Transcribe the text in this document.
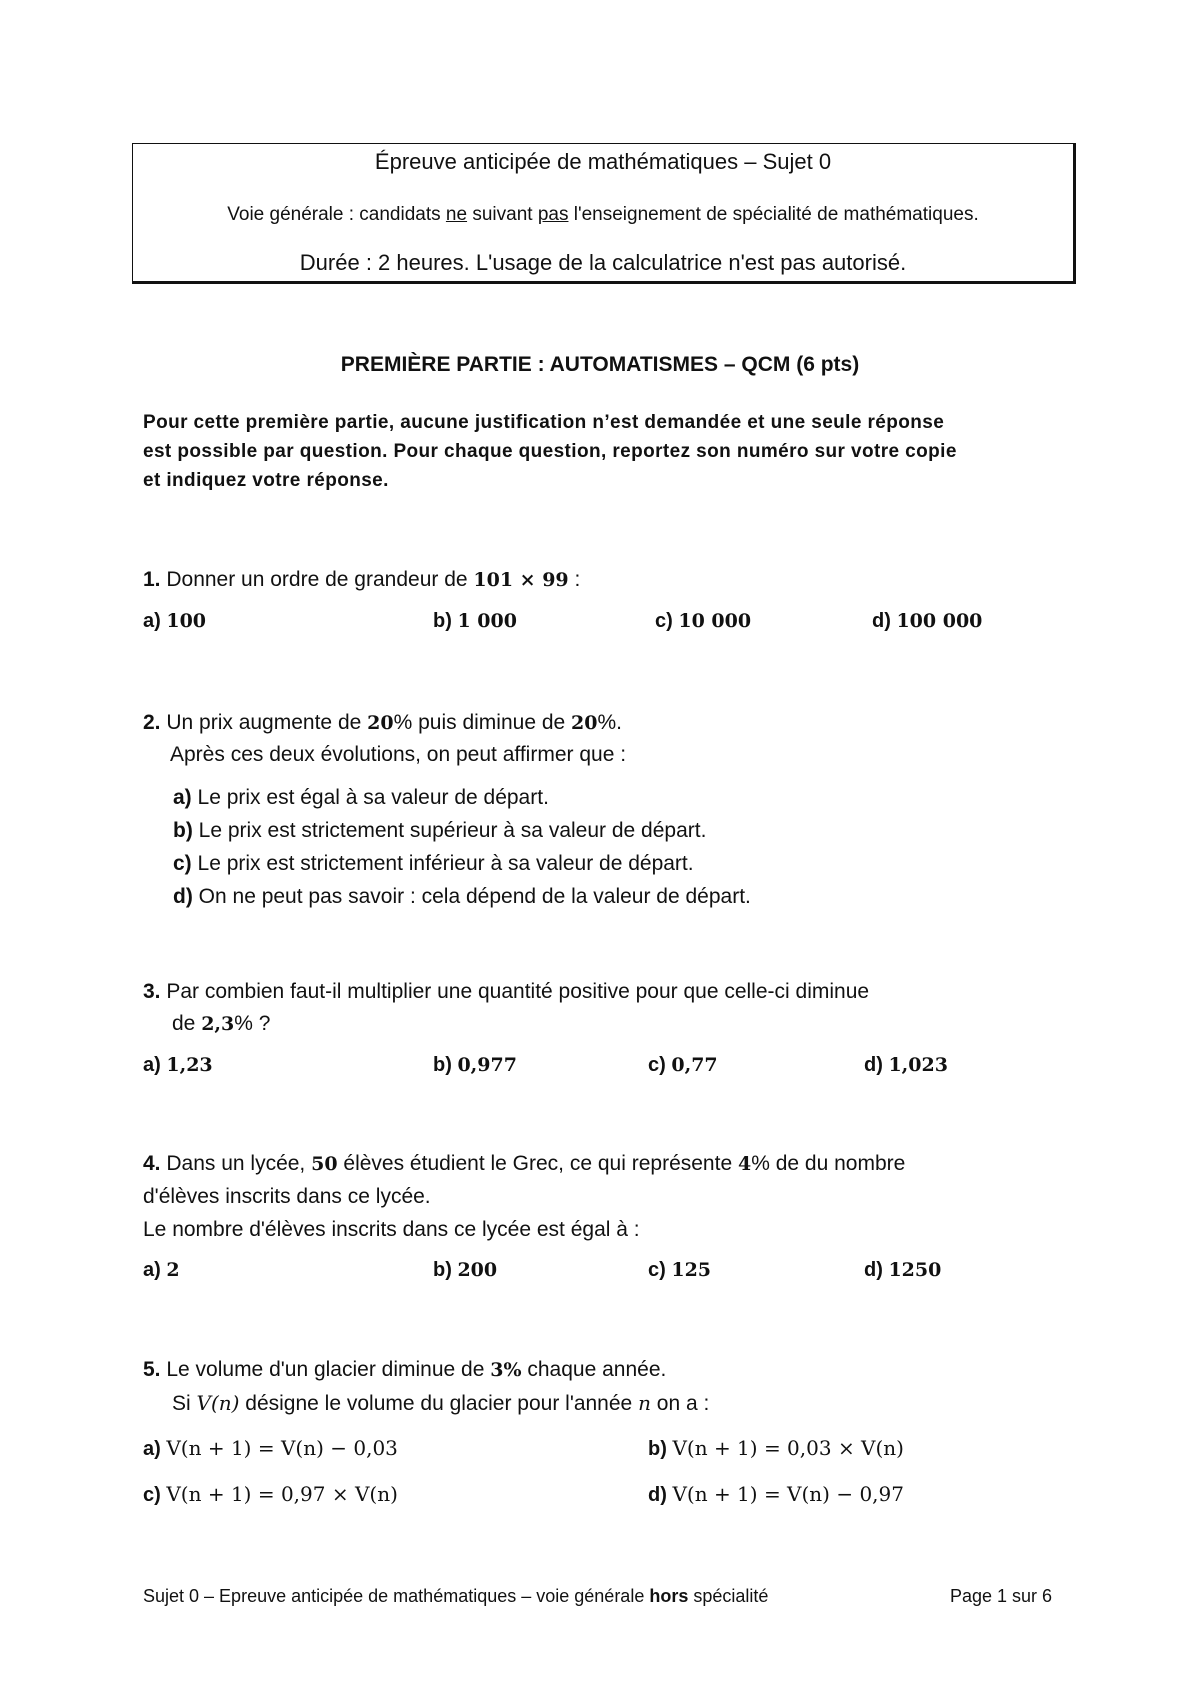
Épreuve anticipée de mathématiques – Sujet 0
Voie générale : candidats ne suivant pas l'enseignement de spécialité de mathématiques.
Durée : 2 heures. L'usage de la calculatrice n'est pas autorisé.
PREMIÈRE PARTIE : AUTOMATISMES – QCM (6 pts)
Pour cette première partie, aucune justification n’est demandée et une seule réponse
est possible par question. Pour chaque question, reportez son numéro sur votre copie
et indiquez votre réponse.
1. Donner un ordre de grandeur de 101 × 99 :
a) 100	b) 1 000	c) 10 000	d) 100 000
2. Un prix augmente de 20% puis diminue de 20%.
Après ces deux évolutions, on peut affirmer que :
a) Le prix est égal à sa valeur de départ.
b) Le prix est strictement supérieur à sa valeur de départ.
c) Le prix est strictement inférieur à sa valeur de départ.
d) On ne peut pas savoir : cela dépend de la valeur de départ.
3. Par combien faut-il multiplier une quantité positive pour que celle-ci diminue
de 2,3% ?
a) 1,23	b) 0,977	c) 0,77	d) 1,023
4. Dans un lycée, 50 élèves étudient le Grec, ce qui représente 4% de du nombre
d'élèves inscrits dans ce lycée.
Le nombre d'élèves inscrits dans ce lycée est égal à :
a) 2	b) 200	c) 125	d) 1250
5. Le volume d'un glacier diminue de 3% chaque année.
Si V(n) désigne le volume du glacier pour l'année n on a :
a) V(n + 1) = V(n) − 0,03	b) V(n + 1) = 0,03 × V(n)
c) V(n + 1) = 0,97 × V(n)	d) V(n + 1) = V(n) − 0,97
Sujet 0 – Epreuve anticipée de mathématiques – voie générale hors spécialité	Page 1 sur 6
